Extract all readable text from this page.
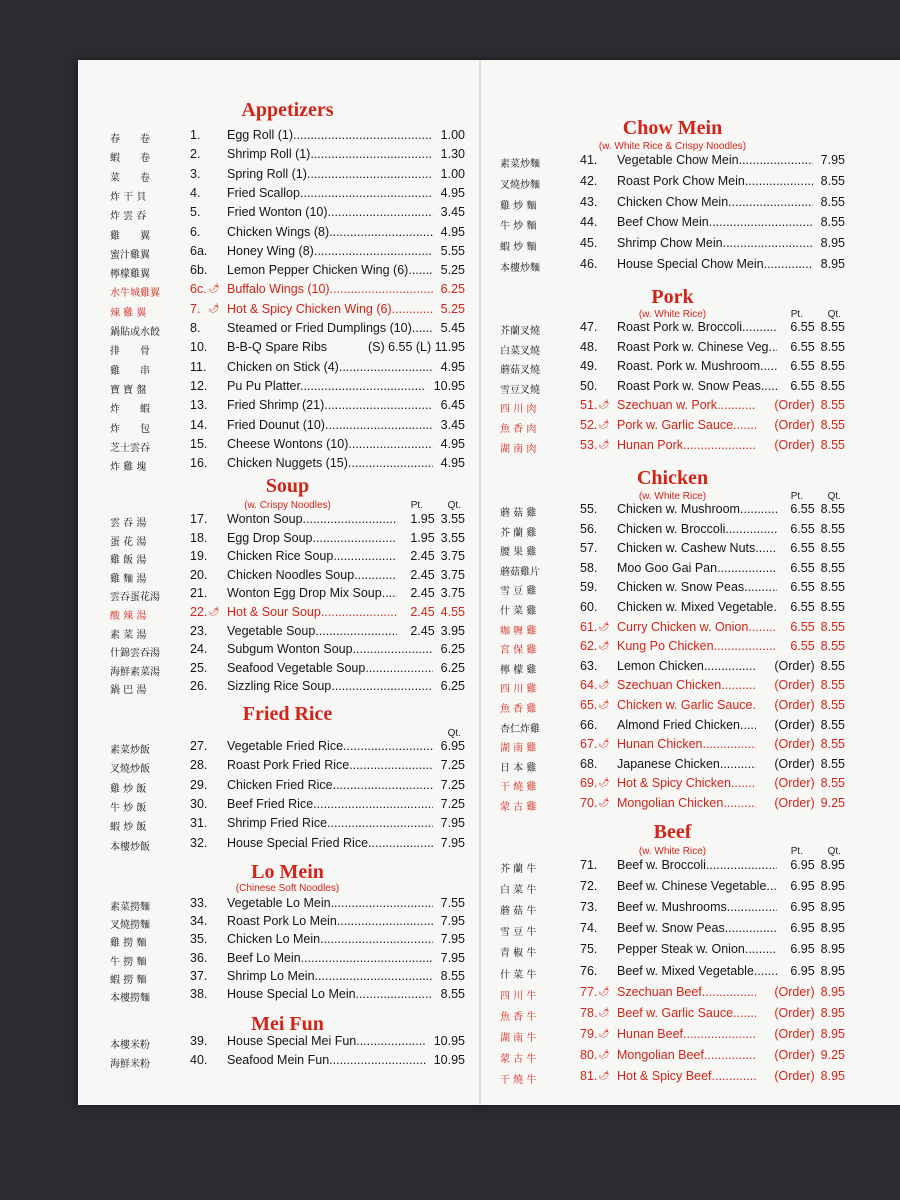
Appetizers
春　　卷	1.	Egg Roll (1) .....	1.00
蝦　　卷	2.	Shrimp Roll (1) .....	1.30
菜　　卷	3.	Spring Roll (1) .....	1.00
炸 干 貝	4.	Fried Scallop .....	4.95
炸 雲 吞	5.	Fried Wonton (10) .....	3.45
雞　　翼	6.	Chicken Wings (8) .....	4.95
蜜汁雞翼	6a.	Honey Wing (8) .....	5.55
檸檬雞翼	6b.	Lemon Pepper Chicken Wing (6) .....	5.25
水牛城雞翼	6c. 🌶 Buffalo Wings (10) .....	6.25
辣 雞 翼	7. 🌶 Hot & Spicy Chicken Wing (6) .....	5.25
鍋貼或水餃	8.	Steamed or Fried Dumplings (10) .....	5.45
排　　骨	10.	B-B-Q Spare Ribs .....	(S) 6.55 (L) 11.95
雞　　串	11.	Chicken on Stick (4) .....	4.95
寶 寶 盤	12.	Pu Pu Platter .....	10.95
炸　　蝦	13.	Fried Shrimp (21) .....	6.45
炸　　包	14.	Fried Dounut (10) .....	3.45
芝士雲吞	15.	Cheese Wontons (10) .....	4.95
炸 雞 塊	16.	Chicken Nuggets (15) .....	4.95
Soup
(w. Crispy Noodles)	Pt. Qt.
雲 吞 湯	17.	Wonton Soup .....	1.95 3.55
蛋 花 湯	18.	Egg Drop Soup .....	1.95 3.55
雞 飯 湯	19.	Chicken Rice Soup .....	2.45 3.75
雞 麵 湯	20.	Chicken Noodles Soup .....	2.45 3.75
雲吞蛋花湯	21.	Wonton Egg Drop Mix Soup .....	2.45 3.75
酸 辣 湯	22. 🌶 Hot & Sour Soup .....	2.45 4.55
素 菜 湯	23.	Vegetable Soup .....	2.45 3.95
什錦雲吞湯	24.	Subgum Wonton Soup .....	6.25
海鮮素菜湯	25.	Seafood Vegetable Soup .....	6.25
鍋 巴 湯	26.	Sizzling Rice Soup .....	6.25
Fried Rice
Qt.
素菜炒飯	27.	Vegetable Fried Rice .....	6.95
叉燒炒飯	28.	Roast Pork Fried Rice .....	7.25
雞 炒 飯	29.	Chicken Fried Rice .....	7.25
牛 炒 飯	30.	Beef Fried Rice .....	7.25
蝦 炒 飯	31.	Shrimp Fried Rice .....	7.95
本樓炒飯	32.	House Special Fried Rice .....	7.95
Lo Mein
(Chinese Soft Noodles)
素菜撈麵	33.	Vegetable Lo Mein .....	7.55
叉燒撈麵	34.	Roast Pork Lo Mein .....	7.95
雞 撈 麵	35.	Chicken Lo Mein .....	7.95
牛 撈 麵	36.	Beef Lo Mein .....	7.95
蝦 撈 麵	37.	Shrimp Lo Mein .....	8.55
本樓撈麵	38.	House Special Lo Mein .....	8.55
Mei Fun
本樓米粉	39.	House Special Mei Fun .....	10.95
海鮮米粉	40.	Seafood Mein Fun .....	10.95
Chow Mein
(w. White Rice & Crispy Noodles)
素菜炒麵	41.	Vegetable Chow Mein .....	7.95
叉燒炒麵	42.	Roast Pork Chow Mein .....	8.55
雞 炒 麵	43.	Chicken Chow Mein .....	8.55
牛 炒 麵	44.	Beef Chow Mein .....	8.55
蝦 炒 麵	45.	Shrimp Chow Mein .....	8.95
本樓炒麵	46.	House Special Chow Mein .....	8.95
Pork
(w. White Rice)	Pt. Qt.
芥蘭叉燒	47.	Roast Pork w. Broccoli .....	6.55 8.55
白菜叉燒	48.	Roast Pork w. Chinese Veg .....	6.55 8.55
蘑菇叉燒	49.	Roast. Pork w. Mushroom .....	6.55 8.55
雪豆叉燒	50.	Roast Pork w. Snow Peas .....	6.55 8.55
四 川 肉	51. 🌶 Szechuan w. Pork .....	(Order) 8.55
魚 香 肉	52. 🌶 Pork w. Garlic Sauce .....	(Order) 8.55
湖 南 肉	53. 🌶 Hunan Pork .....	(Order) 8.55
Chicken
(w. White Rice)	Pt. Qt.
蘑 菇 雞	55.	Chicken w. Mushroom .....	6.55 8.55
芥 蘭 雞	56.	Chicken w. Broccoli .....	6.55 8.55
腰 果 雞	57.	Chicken w. Cashew Nuts .....	6.55 8.55
蘑菇雞片	58.	Moo Goo Gai Pan .....	6.55 8.55
雪 豆 雞	59.	Chicken w. Snow Peas .....	6.55 8.55
什 菜 雞	60.	Chicken w. Mixed Vegetable ..... 6.55 8.55
咖 喱 雞	61. 🌶 Curry Chicken w. Onion .....	6.55 8.55
宮 保 雞	62. 🌶 Kung Po Chicken .....	6.55 8.55
檸 檬 雞	63.	Lemon Chicken .....	(Order) 8.55
四 川 雞	64. 🌶 Szechuan Chicken .....	(Order) 8.55
魚 香 雞	65. 🌶 Chicken w. Garlic Sauce ..... (Order) 8.55
杏仁炸雞	66.	Almond Fried Chicken .....	(Order) 8.55
湖 南 雞	67. 🌶 Hunan Chicken .....	(Order) 8.55
日 本 雞	68.	Japanese Chicken .....	(Order) 8.55
干 燒 雞	69. 🌶 Hot & Spicy Chicken .....	(Order) 8.55
蒙 古 雞	70. 🌶 Mongolian Chicken .....	(Order) 9.25
Beef
(w. White Rice)	Pt. Qt.
芥 蘭 牛	71.	Beef w. Broccoli .....	6.95 8.95
白 菜 牛	72.	Beef w. Chinese Vegetable .....	6.95 8.95
蘑 菇 牛	73.	Beef w. Mushrooms .....	6.95 8.95
雪 豆 牛	74.	Beef w. Snow Peas .....	6.95 8.95
青 椒 牛	75.	Pepper Steak w. Onion .....	6.95 8.95
什 菜 牛	76.	Beef w. Mixed Vegetable .....	6.95 8.95
四 川 牛	77. 🌶 Szechuan Beef .....	(Order) 8.95
魚 香 牛	78. 🌶 Beef w. Garlic Sauce .....	(Order) 8.95
湖 南 牛	79. 🌶 Hunan Beef .....	(Order) 8.95
蒙 古 牛	80. 🌶 Mongolian Beef .....	(Order) 9.25
干 燒 牛	81. 🌶 Hot & Spicy Beef .....	(Order) 8.95
